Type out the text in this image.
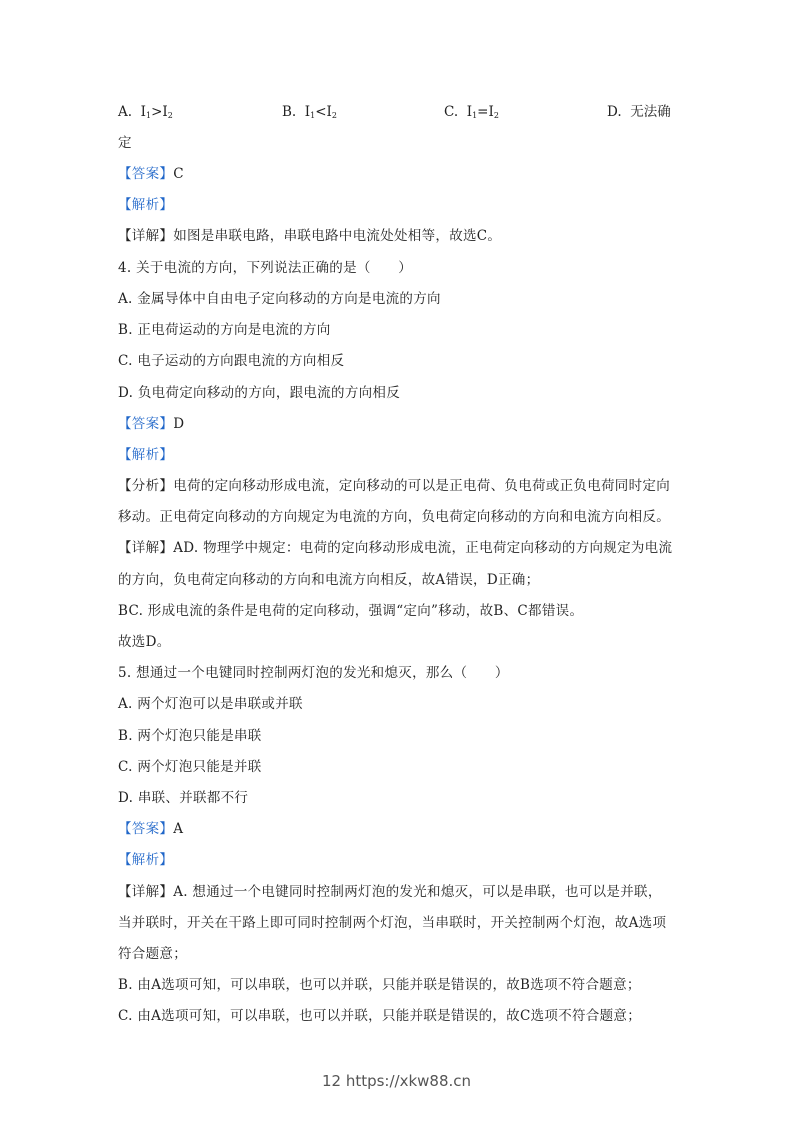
A.  $I_1>I_2$	B.  $I_1<I_2$	C.  $I_1=I_2$	D. 无法确
定
【答案】C
【解析】
【详解】如图是串联电路，串联电路中电流处处相等，故选C。
4. 关于电流的方向，下列说法正确的是（　　）
A. 金属导体中自由电子定向移动的方向是电流的方向
B. 正电荷运动的方向是电流的方向
C. 电子运动的方向跟电流的方向相反
D. 负电荷定向移动的方向，跟电流的方向相反
【答案】D
【解析】
【分析】电荷的定向移动形成电流，定向移动的可以是正电荷、负电荷或正负电荷同时定向
移动。正电荷定向移动的方向规定为电流的方向，负电荷定向移动的方向和电流方向相反。
【详解】AD. 物理学中规定：电荷的定向移动形成电流，正电荷定向移动的方向规定为电流
的方向，负电荷定向移动的方向和电流方向相反，故A错误，D正确；
BC. 形成电流的条件是电荷的定向移动，强调“定向”移动，故B、C都错误。
故选D。
5. 想通过一个电键同时控制两灯泡的发光和熄灭，那么（　　）
A. 两个灯泡可以是串联或并联
B. 两个灯泡只能是串联
C. 两个灯泡只能是并联
D. 串联、并联都不行
【答案】A
【解析】
【详解】A. 想通过一个电键同时控制两灯泡的发光和熄灭，可以是串联，也可以是并联，
当并联时，开关在干路上即可同时控制两个灯泡，当串联时，开关控制两个灯泡，故A选项
符合题意；
B. 由A选项可知，可以串联，也可以并联，只能并联是错误的，故B选项不符合题意；
C. 由A选项可知，可以串联，也可以并联，只能并联是错误的，故C选项不符合题意；
12 https://xkw88.cn
